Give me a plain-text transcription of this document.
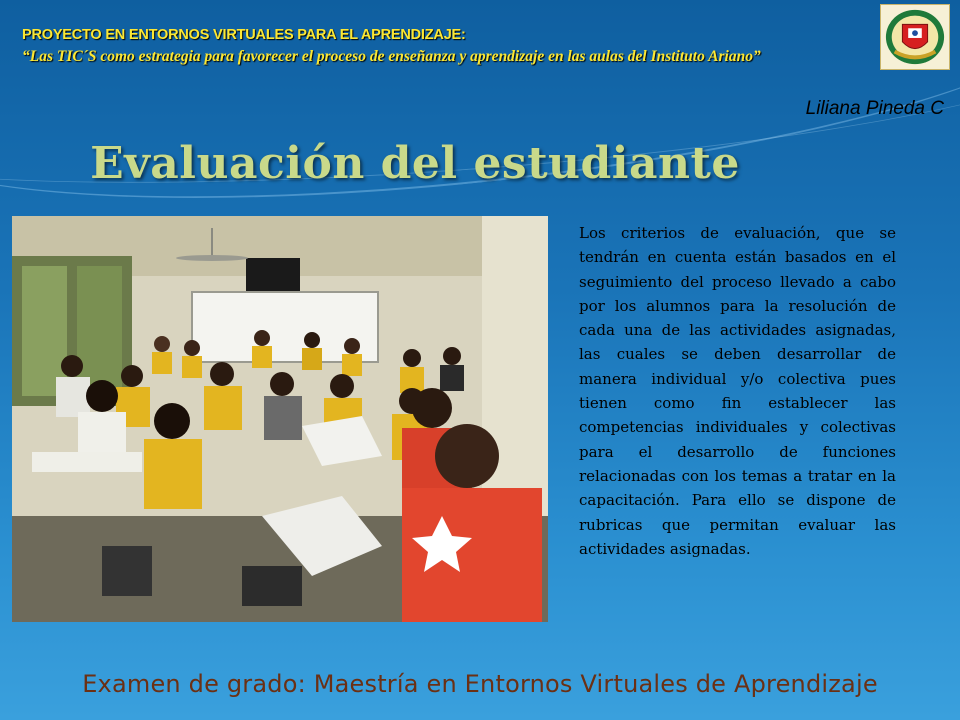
PROYECTO EN ENTORNOS VIRTUALES PARA EL APRENDIZAJE:
“Las TIC´S como estrategia para favorecer el proceso de enseñanza y aprendizaje en las aulas del Instituto Ariano”
Liliana Pineda C
Evaluación del estudiante
Los criterios de evaluación, que se tendrán en cuenta están basados en el seguimiento del proceso llevado a cabo por los alumnos para la resolución de cada una de las actividades asignadas, las cuales se deben desarrollar de manera individual y/o colectiva pues tienen como fin establecer las competencias individuales y colectivas para el desarrollo de funciones relacionadas con los temas a tratar en la capacitación. Para ello se dispone de rubricas que permitan evaluar las actividades asignadas.
Examen de grado: Maestría en Entornos Virtuales de Aprendizaje
